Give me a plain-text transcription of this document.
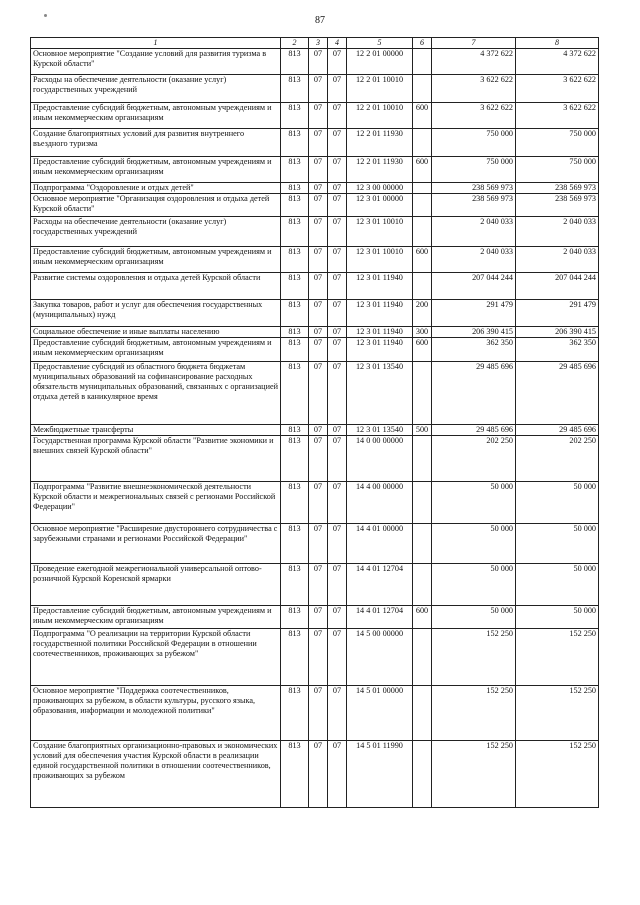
87
1	2	3	4	5	6	7	8
Основное мероприятие "Создание условий для развития туризма в Курской области"	813	07	07	12 2 01 00000		4 372 622	4 372 622
Расходы на обеспечение деятельности (оказание услуг) государственных учреждений	813	07	07	12 2 01 10010		3 622 622	3 622 622
Предоставление субсидий бюджетным, автономным учреждениям и иным некоммерческим организациям	813	07	07	12 2 01 10010	600	3 622 622	3 622 622
Создание благоприятных условий для развития внутреннего въездного туризма	813	07	07	12 2 01 11930		750 000	750 000
Предоставление субсидий бюджетным, автономным учреждениям и иным некоммерческим организациям	813	07	07	12 2 01 11930	600	750 000	750 000
Подпрограмма "Оздоровление и отдых детей"	813	07	07	12 3 00 00000		238 569 973	238 569 973
Основное мероприятие "Организация оздоровления и отдыха детей Курской области"	813	07	07	12 3 01 00000		238 569 973	238 569 973
Расходы на обеспечение деятельности (оказание услуг) государственных учреждений	813	07	07	12 3 01 10010		2 040 033	2 040 033
Предоставление субсидий бюджетным, автономным учреждениям и иным некоммерческим организациям	813	07	07	12 3 01 10010	600	2 040 033	2 040 033
Развитие системы оздоровления и отдыха детей Курской области	813	07	07	12 3 01 11940		207 044 244	207 044 244
Закупка товаров, работ и услуг для обеспечения государственных (муниципальных) нужд	813	07	07	12 3 01 11940	200	291 479	291 479
Социальное обеспечение и иные выплаты населению	813	07	07	12 3 01 11940	300	206 390 415	206 390 415
Предоставление субсидий бюджетным, автономным учреждениям и иным некоммерческим организациям	813	07	07	12 3 01 11940	600	362 350	362 350
Предоставление субсидий из областного бюджета бюджетам муниципальных образований на софинансирование расходных обязательств муниципальных образований, связанных с организацией отдыха детей в каникулярное время	813	07	07	12 3 01 13540		29 485 696	29 485 696
Межбюджетные трансферты	813	07	07	12 3 01 13540	500	29 485 696	29 485 696
Государственная программа Курской области "Развитие экономики и внешних связей Курской области"	813	07	07	14 0 00 00000		202 250	202 250
Подпрограмма "Развитие внешнеэкономической деятельности Курской области и межрегиональных связей с регионами Российской Федерации"	813	07	07	14 4 00 00000		50 000	50 000
Основное мероприятие "Расширение двустороннего сотрудничества с зарубежными странами и регионами Российской Федерации"	813	07	07	14 4 01 00000		50 000	50 000
Проведение ежегодной межрегиональной универсальной оптово-розничной Курской Коренской ярмарки	813	07	07	14 4 01 12704		50 000	50 000
Предоставление субсидий бюджетным, автономным учреждениям и иным некоммерческим организациям	813	07	07	14 4 01 12704	600	50 000	50 000
Подпрограмма "О реализации на территории Курской области государственной политики Российской Федерации в отношении соотечественников, проживающих за рубежом"	813	07	07	14 5 00 00000		152 250	152 250
Основное мероприятие "Поддержка соотечественников, проживающих за рубежом, в области культуры, русского языка, образования, информации и молодежной политики"	813	07	07	14 5 01 00000		152 250	152 250
Создание благоприятных организационно-правовых и экономических условий для обеспечения участия Курской области в реализации единой государственной политики в отношении соотечественников, проживающих за рубежом	813	07	07	14 5 01 11990		152 250	152 250
